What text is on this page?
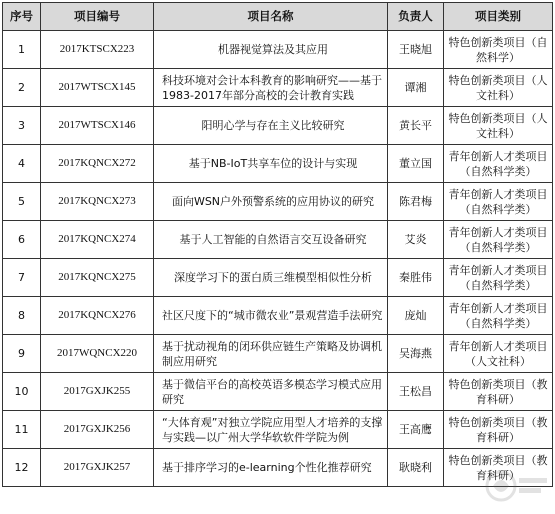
序号	项目编号	项目名称	负责人	项目类别
1	2017KTSCX223	机器视觉算法及其应用	王晓旭	特色创新类项目（自然科学）
2	2017WTSCX145	科技环境对会计本科教育的影响研究——基于1983-2017年部分高校的会计教育实践	谭湘	特色创新类项目（人文社科）
3	2017WTSCX146	阳明心学与存在主义比较研究	黄长平	特色创新类项目（人文社科）
4	2017KQNCX272	基于NB-IoT共享车位的设计与实现	董立国	青年创新人才类项目（自然科学类）
5	2017KQNCX273	面向WSN户外预警系统的应用协议的研究	陈君梅	青年创新人才类项目（自然科学类）
6	2017KQNCX274	基于人工智能的自然语言交互设备研究	艾炎	青年创新人才类项目（自然科学类）
7	2017KQNCX275	深度学习下的蛋白质三维模型相似性分析	秦胜伟	青年创新人才类项目（自然科学类）
8	2017KQNCX276	社区尺度下的“城市微农业”景观营造手法研究	庞灿	青年创新人才类项目（自然科学类）
9	2017WQNCX220	基于扰动视角的闭环供应链生产策略及协调机制应用研究	吴海燕	青年创新人才类项目（人文社科）
10	2017GXJK255	基于微信平台的高校英语多模态学习模式应用研究	王松昌	特色创新类项目（教育科研）
11	2017GXJK256	“大体育观”对独立学院应用型人才培养的支撑与实践—以广州大学华软软件学院为例	王高鹰	特色创新类项目（教育科研）
12	2017GXJK257	基于排序学习的e-learning个性化推荐研究	耿晓利	特色创新类项目（教育科研）
